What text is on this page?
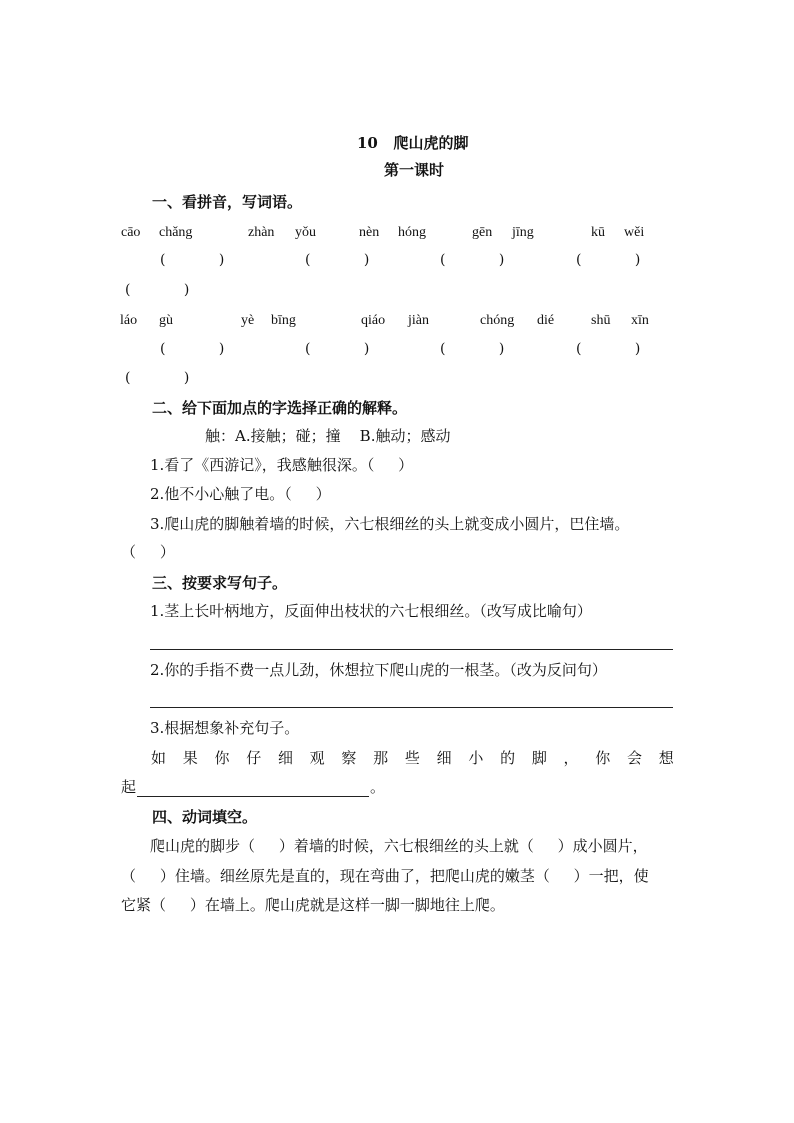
10   爬山虎的脚
第一课时
一、看拼音，写词语。
cāo chǎng	zhàn yǒu	nèn hóng	gēn jīng	kū wěi
(            )	(            )	(            )	(            )
(            )
láo gù	yè bīng	qiáo jiàn	chóng dié	shū xīn
(            )	(            )	(            )	(            )
(            )
二、给下面加点的字选择正确的解释。
触：A.接触；碰；撞    B.触动；感动
1.看了《西游记》，我感触很深。（     ）
2.他不小心触了电。（     ）
3.爬山虎的脚触着墙的时候，六七根细丝的头上就变成小圆片，巴住墙。
（     ）
三、按要求写句子。
1.茎上长叶柄地方，反面伸出枝状的六七根细丝。（改写成比喻句）
2.你的手指不费一点儿劲，休想拉下爬山虎的一根茎。（改为反问句）
3.根据想象补充句子。
如 果 你 仔 细 观 察 那 些 细 小 的 脚 ， 你 会 想
起	。
四、动词填空。
爬山虎的脚步（     ）着墙的时候，六七根细丝的头上就（     ）成小圆片，
（     ）住墙。细丝原先是直的，现在弯曲了，把爬山虎的嫩茎（     ）一把，使
它紧（     ）在墙上。爬山虎就是这样一脚一脚地往上爬。
